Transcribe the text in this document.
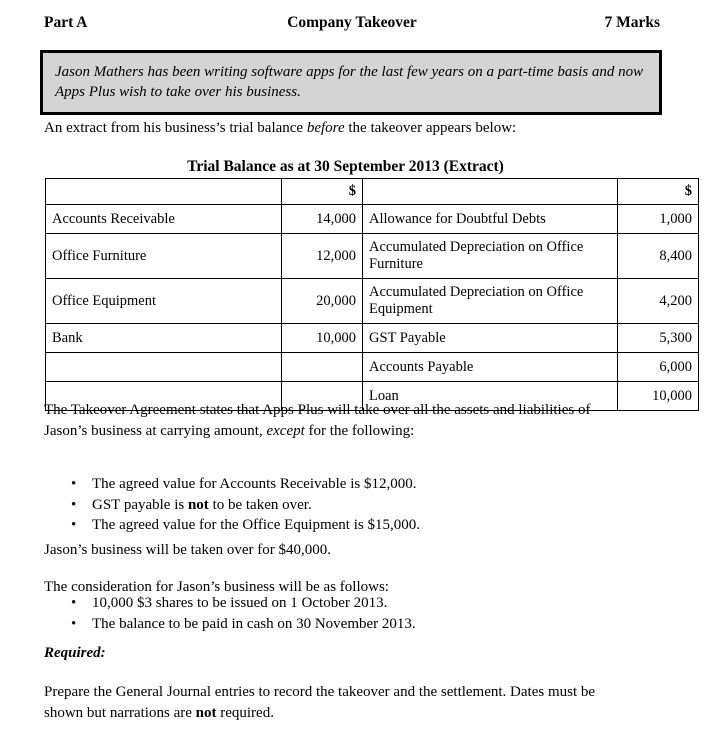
Part A	Company Takeover	7 Marks

Jason Mathers has been writing software apps for the last few years on a part-time basis and now Apps Plus wish to take over his business.

An extract from his business’s trial balance before the takeover appears below:
Trial Balance as at 30 September 2013 (Extract)
	$		$
Accounts Receivable	14,000	Allowance for Doubtful Debts	1,000
Office Furniture	12,000	Accumulated Depreciation on Office Furniture	8,400
Office Equipment	20,000	Accumulated Depreciation on Office Equipment	4,200
Bank	10,000	GST Payable	5,300
		Accounts Payable	6,000
		Loan	10,000
The Takeover Agreement states that Apps Plus will take over all the assets and liabilities of
Jason’s business at carrying amount, except for the following:
• The agreed value for Accounts Receivable is $12,000.
• GST payable is not to be taken over.
• The agreed value for the Office Equipment is $15,000.
Jason’s business will be taken over for $40,000.
The consideration for Jason’s business will be as follows:
• 10,000 $3 shares to be issued on 1 October 2013.
• The balance to be paid in cash on 30 November 2013.
Required:
Prepare the General Journal entries to record the takeover and the settlement. Dates must be
shown but narrations are not required.
